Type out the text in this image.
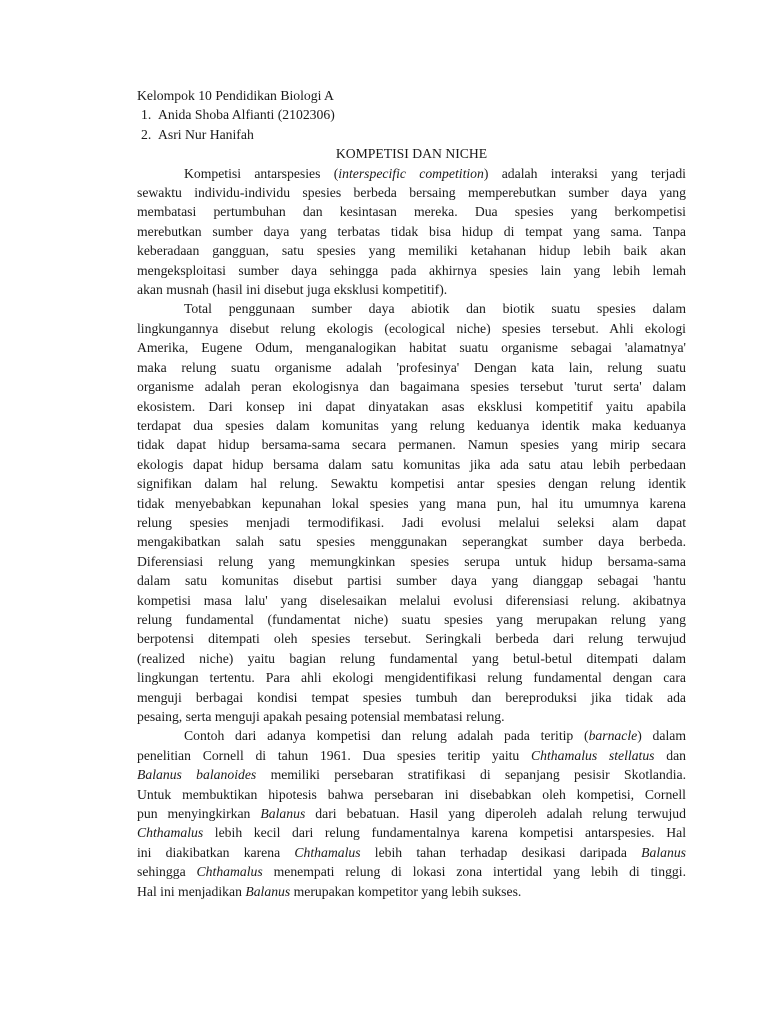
Kelompok 10 Pendidikan Biologi A
1. Anida Shoba Alfianti (2102306)
2. Asri Nur Hanifah
KOMPETISI DAN NICHE
Kompetisi antarspesies (interspecific competition) adalah interaksi yang terjadi
sewaktu individu-individu spesies berbeda bersaing memperebutkan sumber daya yang
membatasi pertumbuhan dan kesintasan mereka. Dua spesies yang berkompetisi
merebutkan sumber daya yang terbatas tidak bisa hidup di tempat yang sama. Tanpa
keberadaan gangguan, satu spesies yang memiliki ketahanan hidup lebih baik akan
mengeksploitasi sumber daya sehingga pada akhirnya spesies lain yang lebih lemah
akan musnah (hasil ini disebut juga eksklusi kompetitif).
Total penggunaan sumber daya abiotik dan biotik suatu spesies dalam
lingkungannya disebut relung ekologis (ecological niche) spesies tersebut. Ahli ekologi
Amerika, Eugene Odum, menganalogikan habitat suatu organisme sebagai 'alamatnya'
maka relung suatu organisme adalah 'profesinya' Dengan kata lain, relung suatu
organisme adalah peran ekologisnya dan bagaimana spesies tersebut 'turut serta' dalam
ekosistem. Dari konsep ini dapat dinyatakan asas eksklusi kompetitif yaitu apabila
terdapat dua spesies dalam komunitas yang relung keduanya identik maka keduanya
tidak dapat hidup bersama-sama secara permanen. Namun spesies yang mirip secara
ekologis dapat hidup bersama dalam satu komunitas jika ada satu atau lebih perbedaan
signifikan dalam hal relung. Sewaktu kompetisi antar spesies dengan relung identik
tidak menyebabkan kepunahan lokal spesies yang mana pun, hal itu umumnya karena
relung spesies menjadi termodifikasi. Jadi evolusi melalui seleksi alam dapat
mengakibatkan salah satu spesies menggunakan seperangkat sumber daya berbeda.
Diferensiasi relung yang memungkinkan spesies serupa untuk hidup bersama-sama
dalam satu komunitas disebut partisi sumber daya yang dianggap sebagai 'hantu
kompetisi masa lalu' yang diselesaikan melalui evolusi diferensiasi relung. akibatnya
relung fundamental (fundamentat niche) suatu spesies yang merupakan relung yang
berpotensi ditempati oleh spesies tersebut. Seringkali berbeda dari relung terwujud
(realized niche) yaitu bagian relung fundamental yang betul-betul ditempati dalam
lingkungan tertentu. Para ahli ekologi mengidentifikasi relung fundamental dengan cara
menguji berbagai kondisi tempat spesies tumbuh dan bereproduksi jika tidak ada
pesaing, serta menguji apakah pesaing potensial membatasi relung.
Contoh dari adanya kompetisi dan relung adalah pada teritip (barnacle) dalam
penelitian Cornell di tahun 1961. Dua spesies teritip yaitu Chthamalus stellatus dan
Balanus balanoides memiliki persebaran stratifikasi di sepanjang pesisir Skotlandia.
Untuk membuktikan hipotesis bahwa persebaran ini disebabkan oleh kompetisi, Cornell
pun menyingkirkan Balanus dari bebatuan. Hasil yang diperoleh adalah relung terwujud
Chthamalus lebih kecil dari relung fundamentalnya karena kompetisi antarspesies. Hal
ini diakibatkan karena Chthamalus lebih tahan terhadap desikasi daripada Balanus
sehingga Chthamalus menempati relung di lokasi zona intertidal yang lebih di tinggi.
Hal ini menjadikan Balanus merupakan kompetitor yang lebih sukses.
